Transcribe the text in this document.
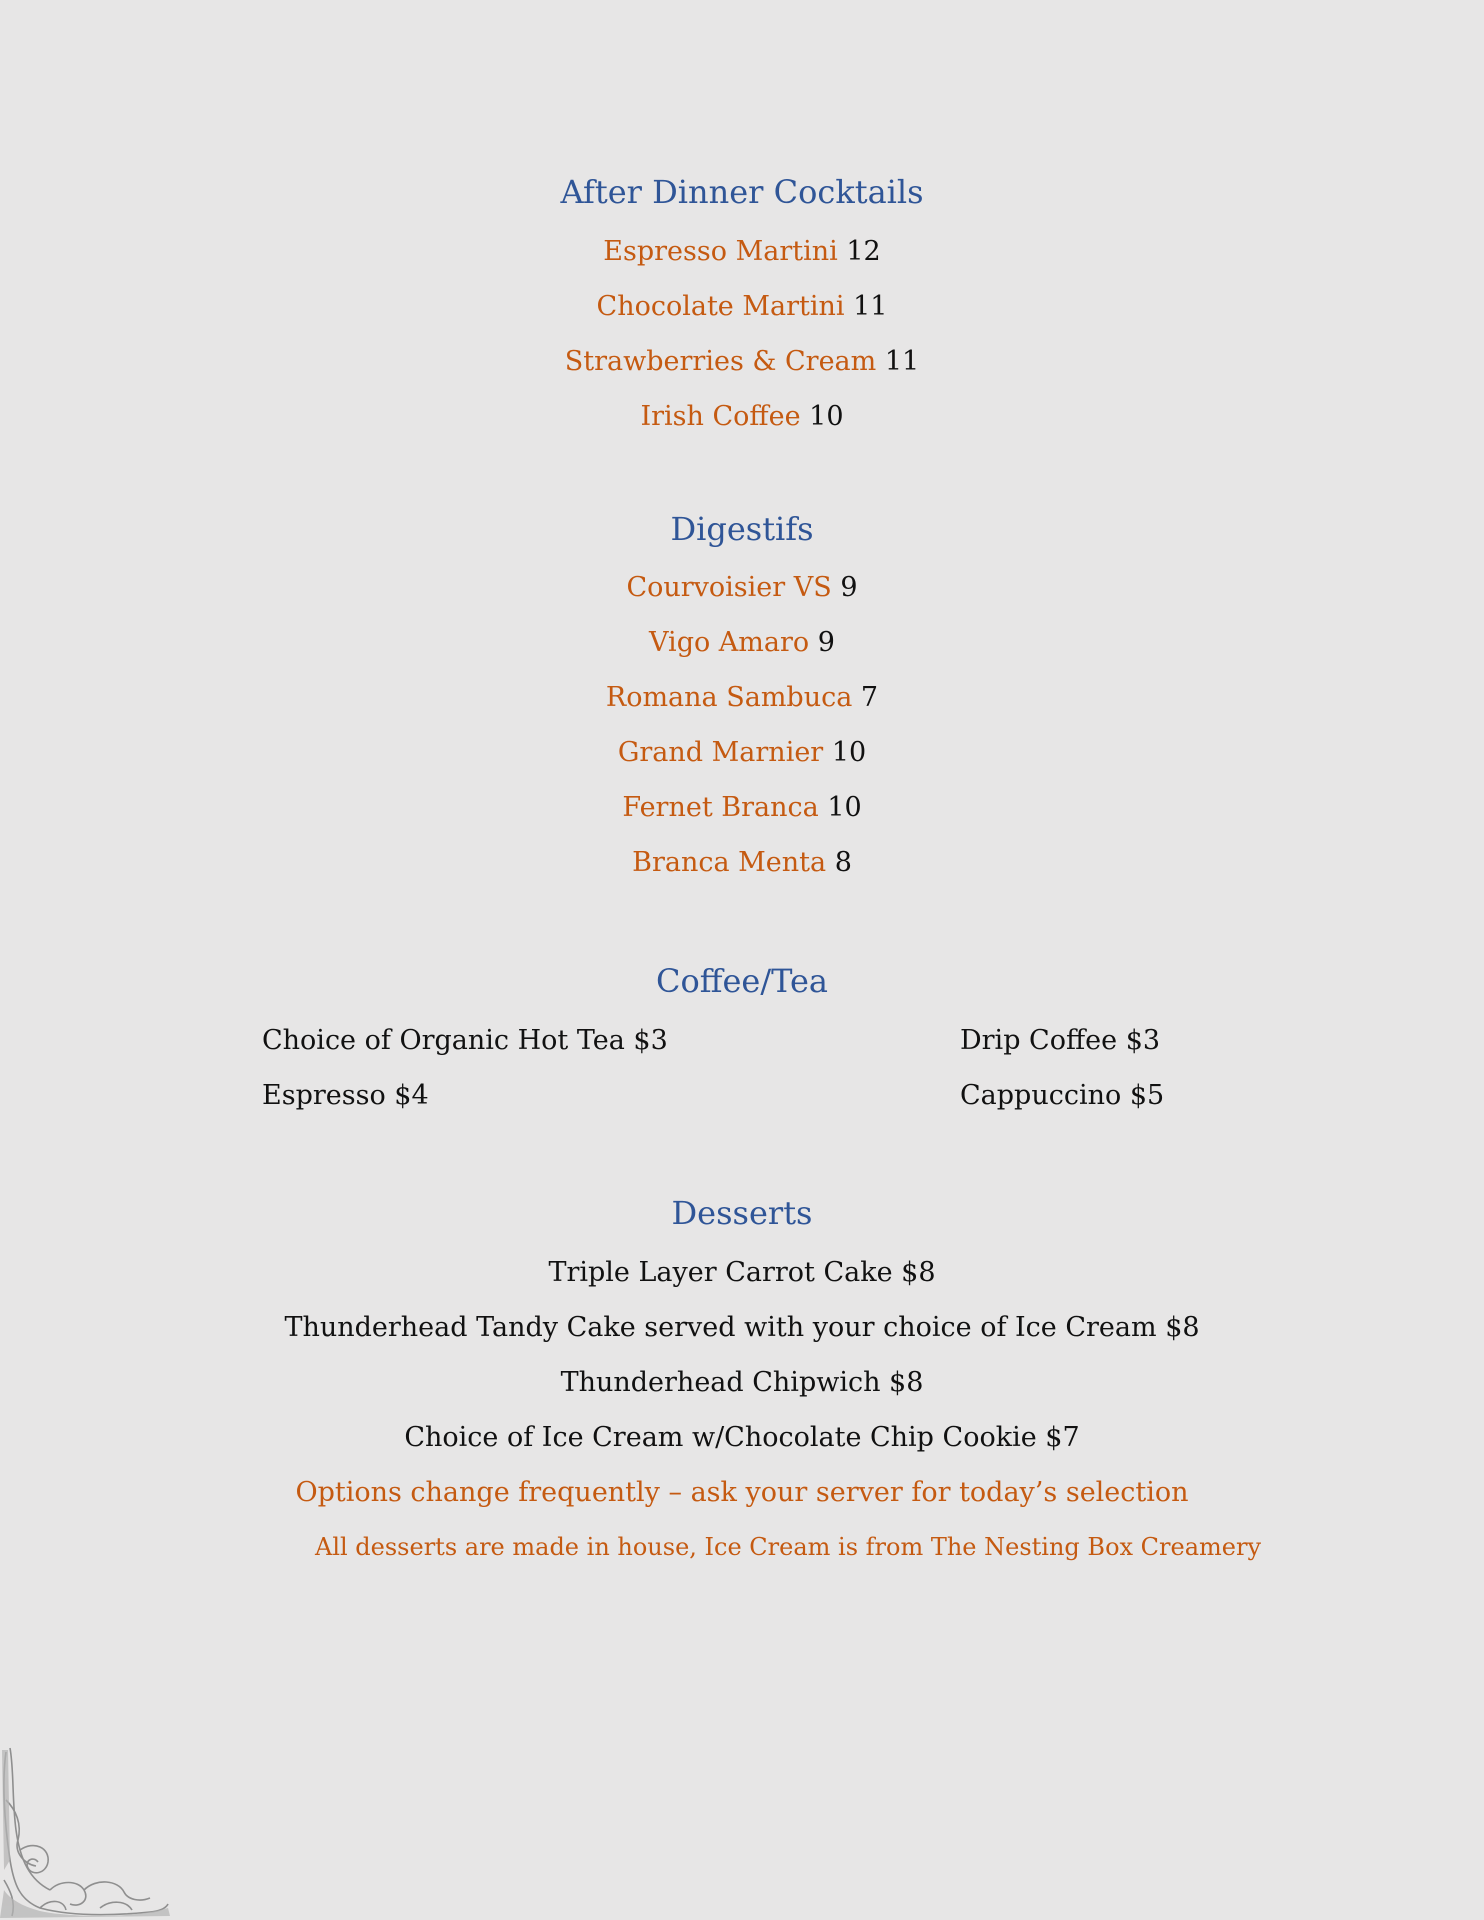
After Dinner Cocktails
Espresso Martini 12
Chocolate Martini 11
Strawberries & Cream 11
Irish Coffee 10
Digestifs
Courvoisier VS 9
Vigo Amaro 9
Romana Sambuca 7
Grand Marnier 10
Fernet Branca 10
Branca Menta 8
Coffee/Tea
Choice of Organic Hot Tea $3
Espresso $4
Drip Coffee $3
Cappuccino $5
Desserts
Triple Layer Carrot Cake $8
Thunderhead Tandy Cake served with your choice of Ice Cream $8
Thunderhead Chipwich $8
Choice of Ice Cream w/Chocolate Chip Cookie $7
Options change frequently – ask your server for today’s selection
All desserts are made in house, Ice Cream is from The Nesting Box Creamery
